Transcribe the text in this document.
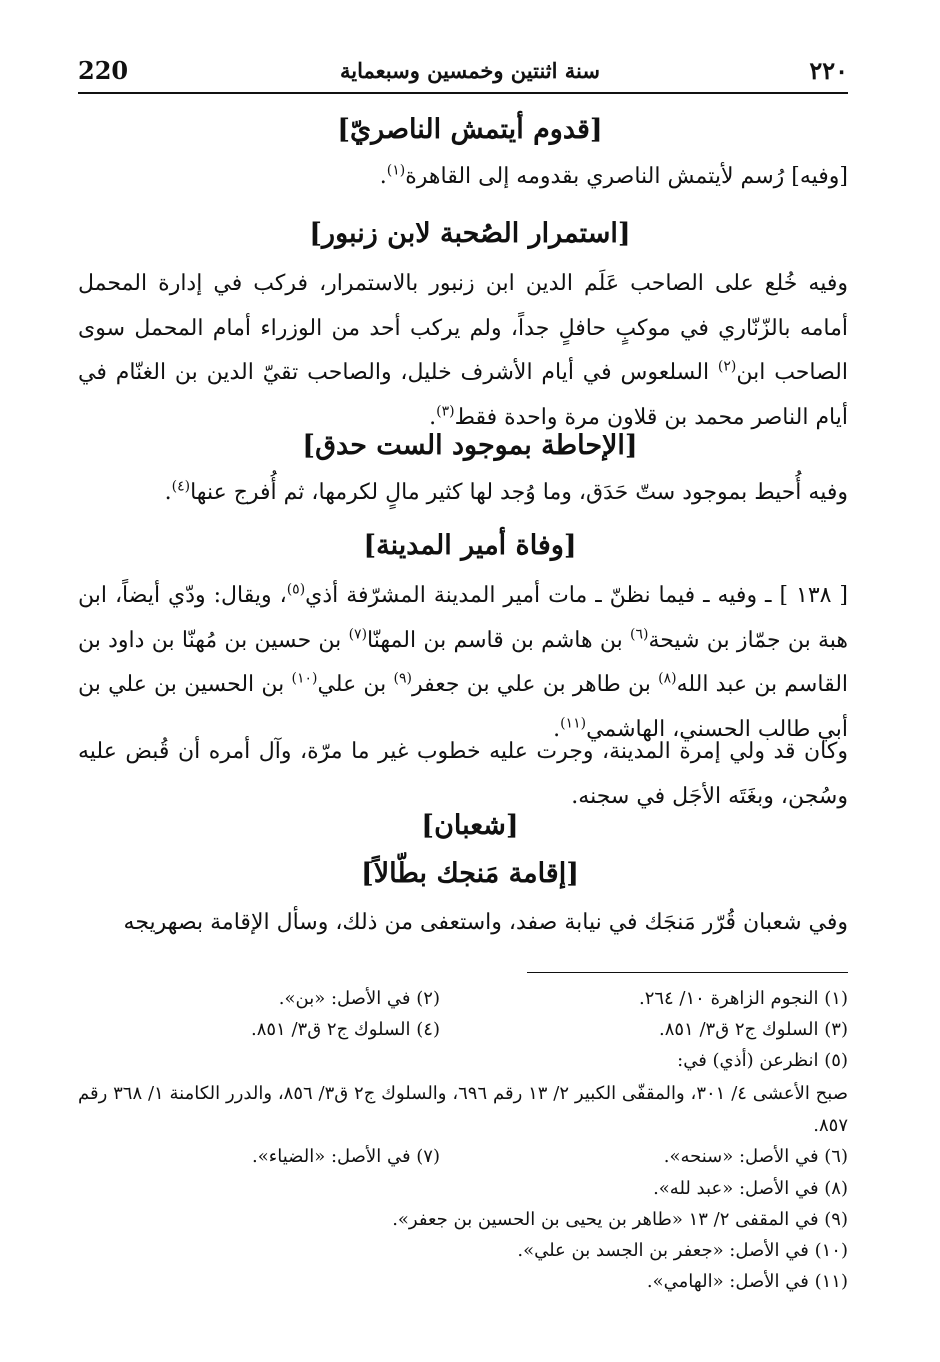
220	سنة اثنتين وخمسين وسبعماية	٢٢٠
[قدوم أيتمش الناصريّ]
[وفيه] رُسم لأيتمش الناصري بقدومه إلى القاهرة$^{(١)}$.
[استمرار الصُحبة لابن زنبور]
وفيه خُلع على الصاحب عَلَم الدين ابن زنبور بالاستمرار، فركب في إدارة المحمل أمامه بالزّنّاري في موكبٍ حافلٍ جداً، ولم يركب أحد من الوزراء أمام المحمل سوى الصاحب ابن$^{(٢)}$ السلعوس في أيام الأشرف خليل، والصاحب تقيّ الدين بن الغنّام في أيام الناصر محمد بن قلاون مرة واحدة فقط$^{(٣)}$.
[الإحاطة بموجود الست حدق]
وفيه أُحيط بموجود ستّ حَدَق، وما وُجد لها كثير مالٍ لكرمها، ثم أُفرج عنها$^{(٤)}$.
[وفاة أمير المدينة]
[ ١٣٨ ] ـ وفيه ـ فيما نظنّ ـ مات أمير المدينة المشرّفة أذي$^{(٥)}$، ويقال: ودّي أيضاً، ابن هبة بن جمّاز بن شيحة$^{(٦)}$ بن هاشم بن قاسم بن المهنّا$^{(٧)}$ بن حسين بن مُهنّا بن داود بن القاسم بن عبد الله$^{(٨)}$ بن طاهر بن علي بن جعفر$^{(٩)}$ بن علي$^{(١٠)}$ بن الحسين بن علي بن أبي طالب الحسني، الهاشمي$^{(١١)}$.
وكان قد ولي إمرة المدينة، وجرت عليه خطوب غير ما مرّة، وآل أمره أن قُبض عليه وسُجن، وبغَتَه الأجَل في سجنه.
[شعبان]
[إقامة مَنجك بطّالاً]
وفي شعبان قُرّر مَنجَك في نيابة صفد، واستعفى من ذلك، وسأل الإقامة بصهريجه
(١) النجوم الزاهرة ١٠/ ٢٦٤.
(٢) في الأصل: «بن».
(٣) السلوك ج٢ ق٣/ ٨٥١.
(٤) السلوك ج٢ ق٣/ ٨٥١.
(٥) انظرعن (أذي) في:
صبح الأعشى ٤/ ٣٠١، والمقفّى الكبير ٢/ ١٣ رقم ٦٩٦، والسلوك ج٢ ق٣/ ٨٥٦، والدرر الكامنة ١/ ٣٦٨ رقم ٨٥٧.
(٦) في الأصل: «سنحه».
(٧) في الأصل: «الضياء».
(٨) في الأصل: «عبد لله».
(٩) في المقفى ٢/ ١٣ «طاهر بن يحيى بن الحسين بن جعفر».
(١٠) في الأصل: «جعفر بن الجسد بن علي».
(١١) في الأصل: «الهامي».
